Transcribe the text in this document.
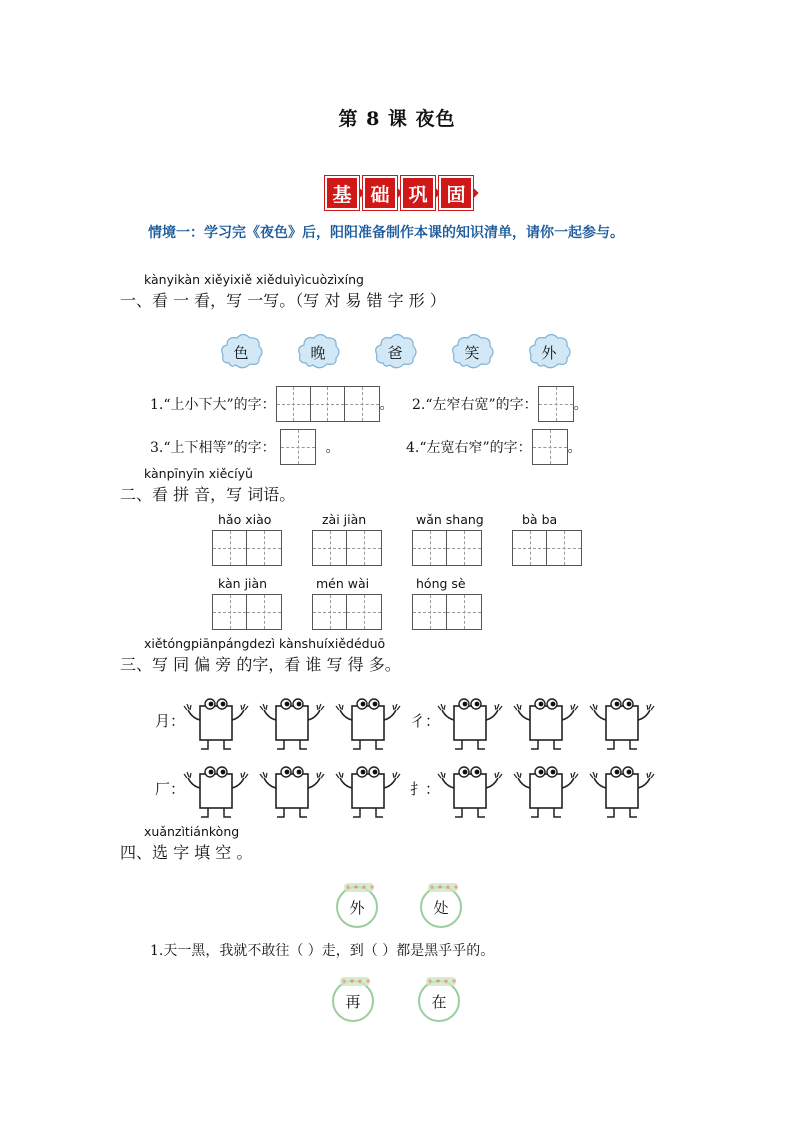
第 8 课 夜色
基 础 巩 固
情境一：学习完《夜色》后，阳阳准备制作本课的知识清单，请你一起参与。
kànyikàn xiěyixiě xiěduìyìcuòzìxíng
一、看 一 看，写 一写。（写 对 易 错 字 形 ）
色	晚	爸	笑	外
1.“上小下大”的字：	。 2.“左窄右宽”的字：	。
3.“上下相等”的字：	。	4.“左宽右窄”的字：	。
kànpīnyīn xiěcíyǔ
二、看 拼 音，写 词语。
hǎo xiào	zài jiàn	wǎn shang	bà ba
kàn jiàn	mén wài	hóng sè
xiětóngpiānpángdezì kànshuíxiědéduō
三、写 同 偏 旁 的字，看 谁 写 得 多。
月：	彳：
厂：	扌：
xuǎnzìtiánkòng
四、选 字 填 空 。
外	处
1.天一黑，我就不敢往（ ）走，到（ ）都是黑乎乎的。
再	在
